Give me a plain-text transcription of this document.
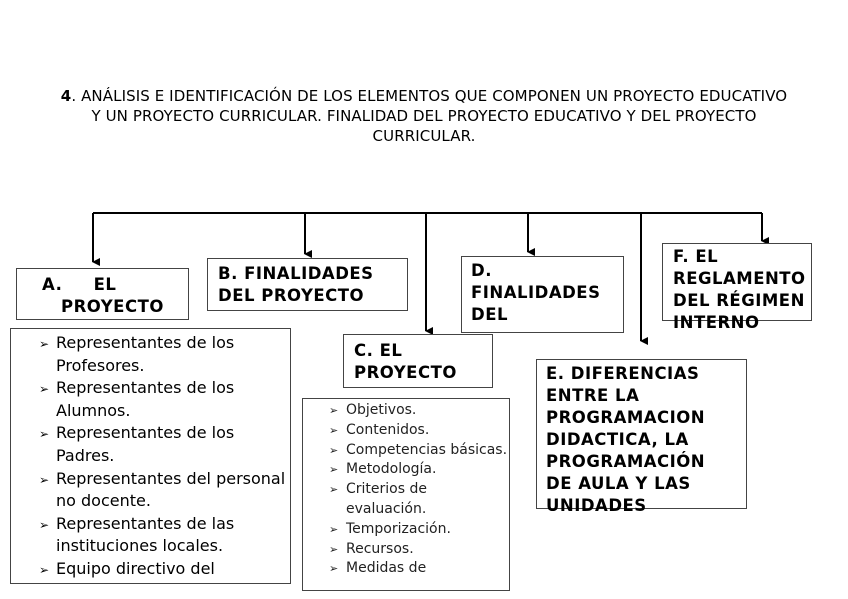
4. ANÁLISIS E IDENTIFICACIÓN DE LOS ELEMENTOS QUE COMPONEN UN PROYECTO EDUCATIVO Y UN PROYECTO CURRICULAR. FINALIDAD DEL PROYECTO EDUCATIVO Y DEL PROYECTO CURRICULAR.
A.     EL
PROYECTO
➢ Representantes de los Profesores.
➢ Representantes de los Alumnos.
➢ Representantes de los Padres.
➢ Representantes del personal no docente.
➢ Representantes de las instituciones locales.
➢ Equipo directivo del
B. FINALIDADES
DEL PROYECTO
C. EL
PROYECTO
➢ Objetivos.
➢ Contenidos.
➢ Competencias básicas.
➢ Metodología.
➢ Criterios de evaluación.
➢ Temporización.
➢ Recursos.
➢ Medidas de
D.
FINALIDADES
DEL
E. DIFERENCIAS
ENTRE LA
PROGRAMACION
DIDACTICA, LA
PROGRAMACIÓN
DE AULA Y LAS
UNIDADES
F. EL
REGLAMENTO
DEL RÉGIMEN
INTERNO
